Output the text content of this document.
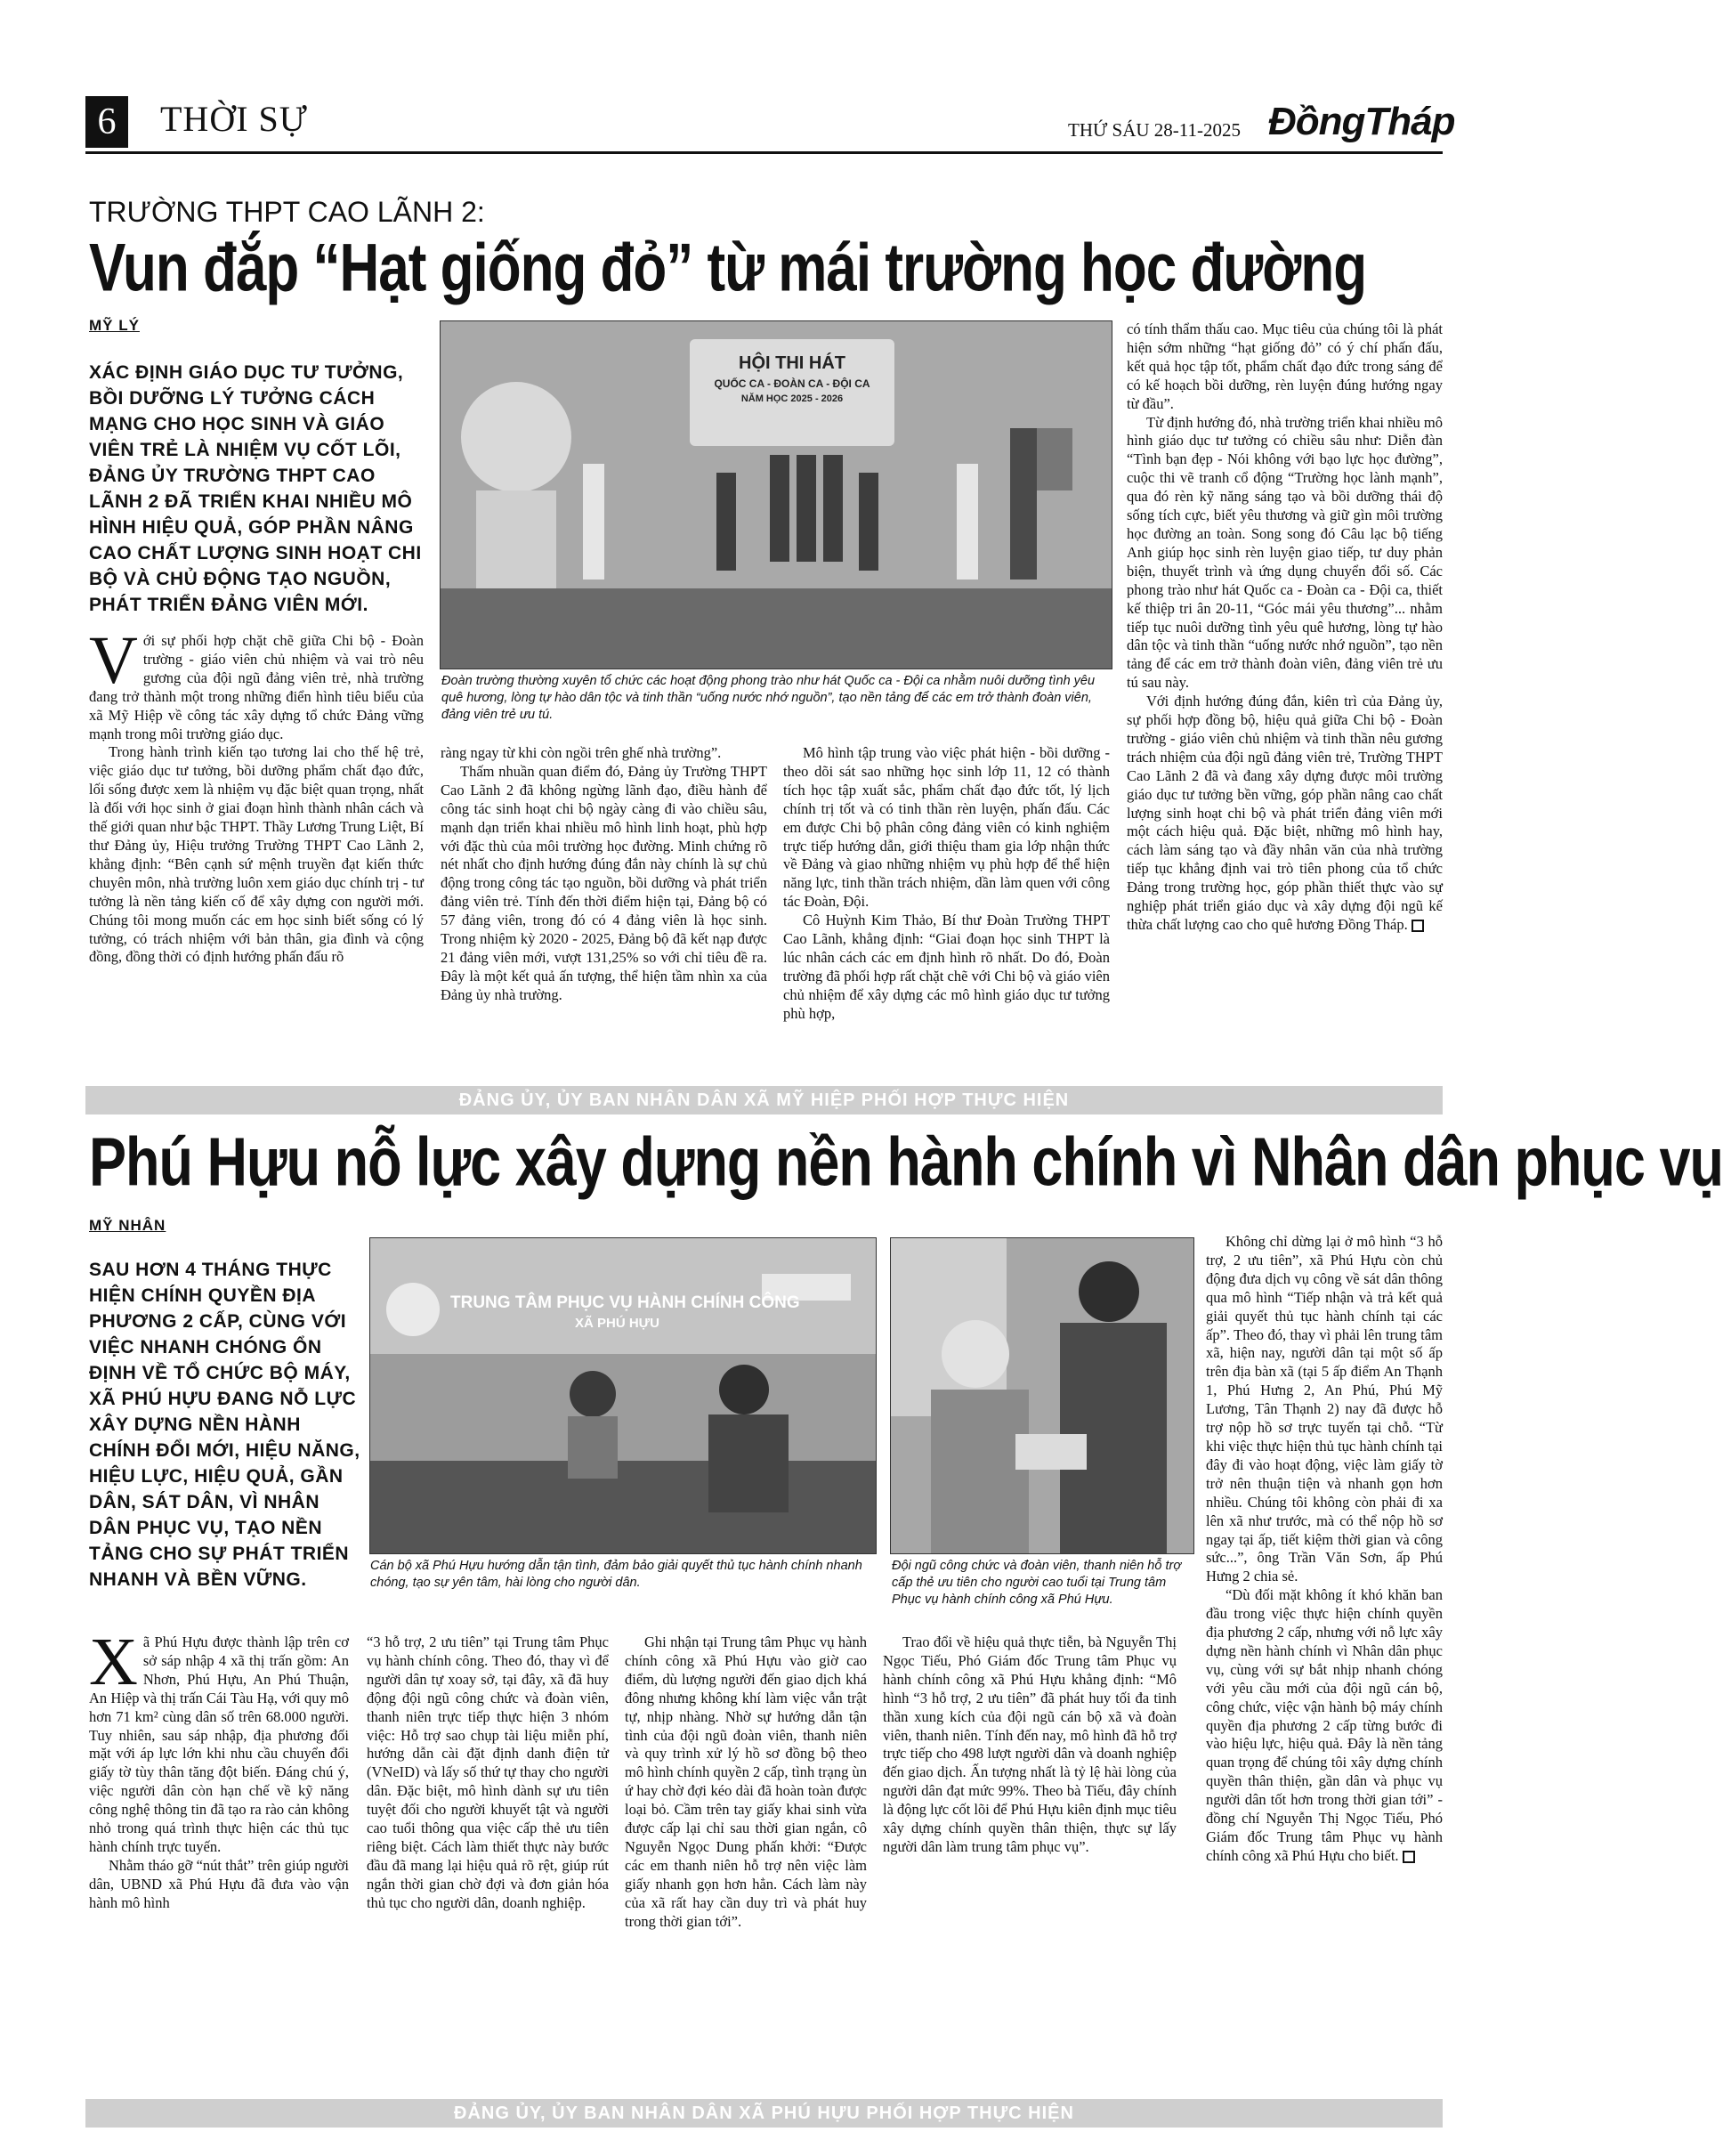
6	THỜI SỰ	THỨ SÁU 28-11-2025 ĐồngTháp
TRƯỜNG THPT CAO LÃNH 2:
Vun đắp “Hạt giống đỏ” từ mái trường học đường
MỸ LÝ
XÁC ĐỊNH GIÁO DỤC TƯ TƯỞNG, BỒI DƯỠNG LÝ TƯỞNG CÁCH MẠNG CHO HỌC SINH VÀ GIÁO VIÊN TRẺ LÀ NHIỆM VỤ CỐT LÕI, ĐẢNG ỦY TRƯỜNG THPT CAO LÃNH 2 ĐÃ TRIỂN KHAI NHIỀU MÔ HÌNH HIỆU QUẢ, GÓP PHẦN NÂNG CAO CHẤT LƯỢNG SINH HOẠT CHI BỘ VÀ CHỦ ĐỘNG TẠO NGUỒN, PHÁT TRIỂN ĐẢNG VIÊN MỚI.
HỘI THI HÁT
QUỐC CA - ĐOÀN CA - ĐỘI CA
NĂM HỌC 2025 - 2026
Đoàn trường thường xuyên tổ chức các hoạt động phong trào như hát Quốc ca - Đội ca nhằm nuôi dưỡng tình yêu quê hương, lòng tự hào dân tộc và tinh thần “uống nước nhớ nguồn”, tạo nền tảng để các em trở thành đoàn viên, đảng viên trẻ ưu tú.

Với sự phối hợp chặt chẽ giữa Chi bộ - Đoàn trường - giáo viên chủ nhiệm và vai trò nêu gương của đội ngũ đảng viên trẻ, nhà trường đang trở thành một trong những điển hình tiêu biểu của xã Mỹ Hiệp về công tác xây dựng tổ chức Đảng vững mạnh trong môi trường giáo dục.

Trong hành trình kiến tạo tương lai cho thế hệ trẻ, việc giáo dục tư tưởng, bồi dưỡng phẩm chất đạo đức, lối sống được xem là nhiệm vụ đặc biệt quan trọng, nhất là đối với học sinh ở giai đoạn hình thành nhân cách và thế giới quan như bậc THPT. Thầy Lương Trung Liệt, Bí thư Đảng ủy, Hiệu trưởng Trường THPT Cao Lãnh 2, khẳng định: “Bên cạnh sứ mệnh truyền đạt kiến thức chuyên môn, nhà trường luôn xem giáo dục chính trị - tư tưởng là nền tảng kiến cố để xây dựng con người mới. Chúng tôi mong muốn các em học sinh biết sống có lý tưởng, có trách nhiệm với bản thân, gia đình và cộng đồng, đồng thời có định hướng phấn đấu rõ

ràng ngay từ khi còn ngồi trên ghế nhà trường”.

Thấm nhuần quan điểm đó, Đảng ủy Trường THPT Cao Lãnh 2 đã không ngừng lãnh đạo, điều hành để công tác sinh hoạt chi bộ ngày càng đi vào chiều sâu, mạnh dạn triển khai nhiều mô hình linh hoạt, phù hợp với đặc thù của môi trường học đường. Minh chứng rõ nét nhất cho định hướng đúng đắn này chính là sự chủ động trong công tác tạo nguồn, bồi dưỡng và phát triển đảng viên trẻ. Tính đến thời điểm hiện tại, Đảng bộ có 57 đảng viên, trong đó có 4 đảng viên là học sinh. Trong nhiệm kỳ 2020 - 2025, Đảng bộ đã kết nạp được 21 đảng viên mới, vượt 131,25% so với chỉ tiêu đề ra. Đây là một kết quả ấn tượng, thể hiện tầm nhìn xa của Đảng ủy nhà trường.

Mô hình tập trung vào việc phát hiện - bồi dưỡng - theo dõi sát sao những học sinh lớp 11, 12 có thành tích học tập xuất sắc, phẩm chất đạo đức tốt, lý lịch chính trị tốt và có tinh thần rèn luyện, phấn đấu. Các em được Chi bộ phân công đảng viên có kinh nghiệm trực tiếp hướng dẫn, giới thiệu tham gia lớp nhận thức về Đảng và giao những nhiệm vụ phù hợp để thể hiện năng lực, tinh thần trách nhiệm, dần làm quen với công tác Đoàn, Đội.

Cô Huỳnh Kim Thảo, Bí thư Đoàn Trường THPT Cao Lãnh, khẳng định: “Giai đoạn học sinh THPT là lúc nhân cách các em định hình rõ nhất. Do đó, Đoàn trường đã phối hợp rất chặt chẽ với Chi bộ và giáo viên chủ nhiệm để xây dựng các mô hình giáo dục tư tưởng phù hợp,

có tính thẩm thấu cao. Mục tiêu của chúng tôi là phát hiện sớm những “hạt giống đỏ” có ý chí phấn đấu, kết quả học tập tốt, phẩm chất đạo đức trong sáng để có kế hoạch bồi dưỡng, rèn luyện đúng hướng ngay từ đầu”.

Từ định hướng đó, nhà trường triển khai nhiều mô hình giáo dục tư tưởng có chiều sâu như: Diễn đàn “Tình bạn đẹp - Nói không với bạo lực học đường”, cuộc thi vẽ tranh cổ động “Trường học lành mạnh”, qua đó rèn kỹ năng sáng tạo và bồi dưỡng thái độ sống tích cực, biết yêu thương và giữ gìn môi trường học đường an toàn. Song song đó Câu lạc bộ tiếng Anh giúp học sinh rèn luyện giao tiếp, tư duy phản biện, thuyết trình và ứng dụng chuyển đổi số. Các phong trào như hát Quốc ca - Đoàn ca - Đội ca, thiết kế thiệp tri ân 20-11, “Góc mái yêu thương”... nhằm tiếp tục nuôi dưỡng tình yêu quê hương, lòng tự hào dân tộc và tinh thần “uống nước nhớ nguồn”, tạo nền tảng để các em trở thành đoàn viên, đảng viên trẻ ưu tú sau này.

Với định hướng đúng đắn, kiên trì của Đảng ủy, sự phối hợp đồng bộ, hiệu quả giữa Chi bộ - Đoàn trường - giáo viên chủ nhiệm và tinh thần nêu gương trách nhiệm của đội ngũ đảng viên trẻ, Trường THPT Cao Lãnh 2 đã và đang xây dựng được môi trường giáo dục tư tưởng bền vững, góp phần nâng cao chất lượng sinh hoạt chi bộ và phát triển đảng viên mới một cách hiệu quả. Đặc biệt, những mô hình hay, cách làm sáng tạo và đầy nhân văn của nhà trường tiếp tục khẳng định vai trò tiên phong của tổ chức Đảng trong trường học, góp phần thiết thực vào sự nghiệp phát triển giáo dục và xây dựng đội ngũ kế thừa chất lượng cao cho quê hương Đồng Tháp.

ĐẢNG ỦY, ỦY BAN NHÂN DÂN XÃ MỸ HIỆP PHỐI HỢP THỰC HIỆN
Phú Hựu nỗ lực xây dựng nền hành chính vì Nhân dân phục vụ
MỸ NHÂN
SAU HƠN 4 THÁNG THỰC HIỆN CHÍNH QUYỀN ĐỊA PHƯƠNG 2 CẤP, CÙNG VỚI VIỆC NHANH CHÓNG ỔN ĐỊNH VỀ TỔ CHỨC BỘ MÁY, XÃ PHÚ HỰU ĐANG NỖ LỰC XÂY DỰNG NỀN HÀNH CHÍNH ĐỔI MỚI, HIỆU NĂNG, HIỆU LỰC, HIỆU QUẢ, GẦN DÂN, SÁT DÂN, VÌ NHÂN DÂN PHỤC VỤ, TẠO NỀN TẢNG CHO SỰ PHÁT TRIỂN NHANH VÀ BỀN VỮNG.
TRUNG TÂM PHỤC VỤ HÀNH CHÍNH CÔNG
XÃ PHÚ HỰU
Cán bộ xã Phú Hựu hướng dẫn tận tình, đảm bảo giải quyết thủ tục hành chính nhanh chóng, tạo sự yên tâm, hài lòng cho người dân.
Đội ngũ công chức và đoàn viên, thanh niên hỗ trợ cấp thẻ ưu tiên cho người cao tuổi tại Trung tâm Phục vụ hành chính công xã Phú Hựu.

Xã Phú Hựu được thành lập trên cơ sở sáp nhập 4 xã thị trấn gồm: An Nhơn, Phú Hựu, An Phú Thuận, An Hiệp và thị trấn Cái Tàu Hạ, với quy mô hơn 71 km² cùng dân số trên 68.000 người. Tuy nhiên, sau sáp nhập, địa phương đối mặt với áp lực lớn khi nhu cầu chuyển đổi giấy tờ tùy thân tăng đột biến. Đáng chú ý, việc người dân còn hạn chế về kỹ năng công nghệ thông tin đã tạo ra rào cản không nhỏ trong quá trình thực hiện các thủ tục hành chính trực tuyến.

Nhằm tháo gỡ “nút thắt” trên giúp người dân, UBND xã Phú Hựu đã đưa vào vận hành mô hình

“3 hỗ trợ, 2 ưu tiên” tại Trung tâm Phục vụ hành chính công. Theo đó, thay vì để người dân tự xoay sở, tại đây, xã đã huy động đội ngũ công chức và đoàn viên, thanh niên trực tiếp thực hiện 3 nhóm việc: Hỗ trợ sao chụp tài liệu miễn phí, hướng dẫn cài đặt định danh điện tử (VNeID) và lấy số thứ tự thay cho người dân. Đặc biệt, mô hình dành sự ưu tiên tuyệt đối cho người khuyết tật và người cao tuổi thông qua việc cấp thẻ ưu tiên riêng biệt. Cách làm thiết thực này bước đầu đã mang lại hiệu quả rõ rệt, giúp rút ngắn thời gian chờ đợi và đơn giản hóa thủ tục cho người dân, doanh nghiệp.

Ghi nhận tại Trung tâm Phục vụ hành chính công xã Phú Hựu vào giờ cao điểm, dù lượng người đến giao dịch khá đông nhưng không khí làm việc vẫn trật tự, nhịp nhàng. Nhờ sự hướng dẫn tận tình của đội ngũ đoàn viên, thanh niên và quy trình xử lý hồ sơ đồng bộ theo mô hình chính quyền 2 cấp, tình trạng ùn ứ hay chờ đợi kéo dài đã hoàn toàn được loại bỏ. Cầm trên tay giấy khai sinh vừa được cấp lại chỉ sau thời gian ngắn, cô Nguyễn Ngọc Dung phấn khởi: “Được các em thanh niên hỗ trợ nên việc làm giấy nhanh gọn hơn hẳn. Cách làm này của xã rất hay cần duy trì và phát huy trong thời gian tới”.

Trao đổi về hiệu quả thực tiễn, bà Nguyễn Thị Ngọc Tiếu, Phó Giám đốc Trung tâm Phục vụ hành chính công xã Phú Hựu khẳng định: “Mô hình “3 hỗ trợ, 2 ưu tiên” đã phát huy tối đa tinh thần xung kích của đội ngũ cán bộ xã và đoàn viên, thanh niên. Tính đến nay, mô hình đã hỗ trợ trực tiếp cho 498 lượt người dân và doanh nghiệp đến giao dịch. Ấn tượng nhất là tỷ lệ hài lòng của người dân đạt mức 99%. Theo bà Tiếu, đây chính là động lực cốt lõi để Phú Hựu kiên định mục tiêu xây dựng chính quyền thân thiện, thực sự lấy người dân làm trung tâm phục vụ”.

Không chỉ dừng lại ở mô hình “3 hỗ trợ, 2 ưu tiên”, xã Phú Hựu còn chủ động đưa dịch vụ công về sát dân thông qua mô hình “Tiếp nhận và trả kết quả giải quyết thủ tục hành chính tại các ấp”. Theo đó, thay vì phải lên trung tâm xã, hiện nay, người dân tại một số ấp trên địa bàn xã (tại 5 ấp điểm An Thạnh 1, Phú Hưng 2, An Phú, Phú Mỹ Lương, Tân Thạnh 2) nay đã được hỗ trợ nộp hồ sơ trực tuyến tại chỗ. “Từ khi việc thực hiện thủ tục hành chính tại đây đi vào hoạt động, việc làm giấy tờ trở nên thuận tiện và nhanh gọn hơn nhiều. Chúng tôi không còn phải đi xa lên xã như trước, mà có thể nộp hồ sơ ngay tại ấp, tiết kiệm thời gian và công sức...”, ông Trần Văn Sơn, ấp Phú Hưng 2 chia sẻ.

“Dù đối mặt không ít khó khăn ban đầu trong việc thực hiện chính quyền địa phương 2 cấp, nhưng với nỗ lực xây dựng nền hành chính vì Nhân dân phục vụ, cùng với sự bắt nhịp nhanh chóng với yêu cầu mới của đội ngũ cán bộ, công chức, việc vận hành bộ máy chính quyền địa phương 2 cấp từng bước đi vào hiệu lực, hiệu quả. Đây là nền tảng quan trọng để chúng tôi xây dựng chính quyền thân thiện, gần dân và phục vụ người dân tốt hơn trong thời gian tới” - đồng chí Nguyễn Thị Ngọc Tiếu, Phó Giám đốc Trung tâm Phục vụ hành chính công xã Phú Hựu cho biết.

ĐẢNG ỦY, ỦY BAN NHÂN DÂN XÃ PHÚ HỰU PHỐI HỢP THỰC HIỆN
